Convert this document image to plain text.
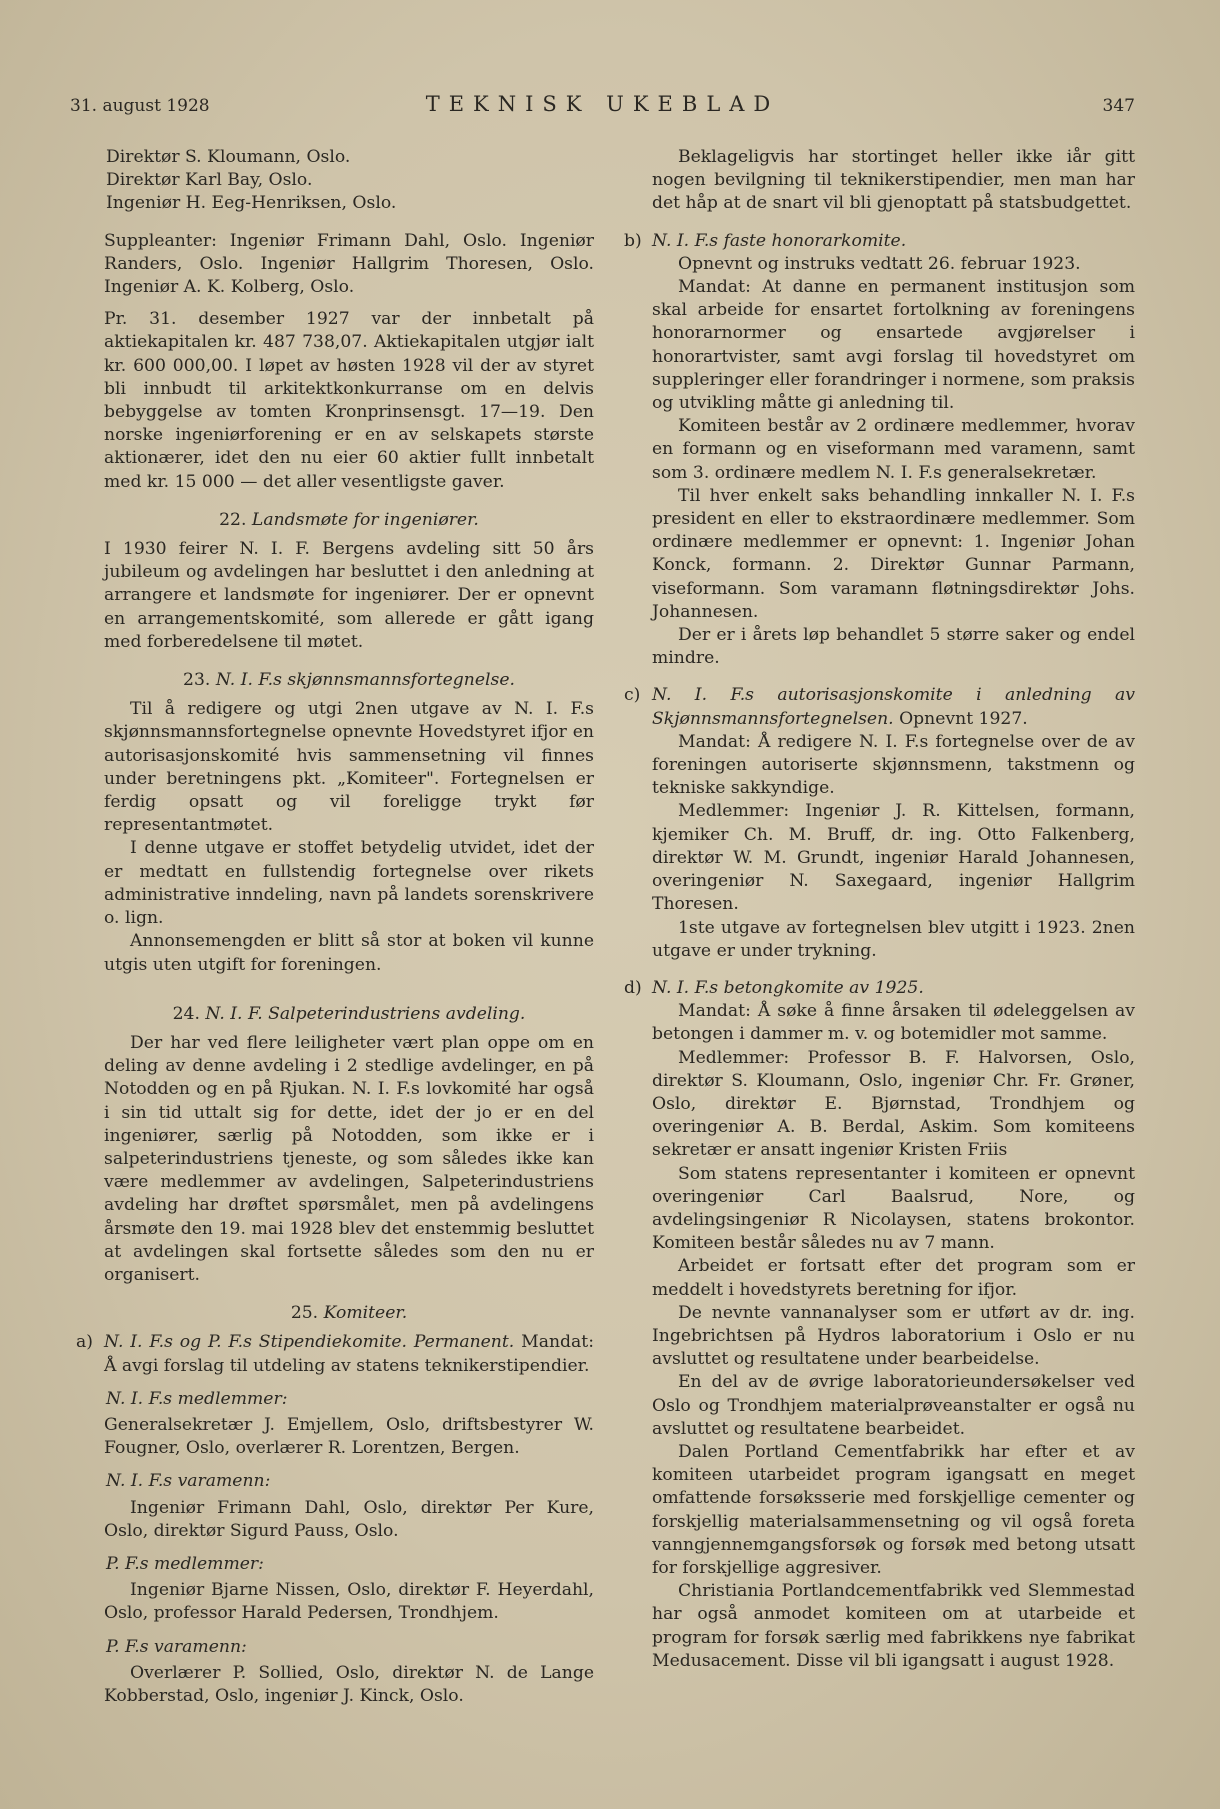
31. august 1928	TEKNISK UKEBLAD	347

Direktør S. Kloumann, Oslo.

Direktør Karl Bay, Oslo.

Ingeniør H. Eeg-Henriksen, Oslo.

Suppleanter: Ingeniør Frimann Dahl, Oslo. Ingeniør Randers, Oslo. Ingeniør Hallgrim Thoresen, Oslo. Ingeniør A. K. Kolberg, Oslo.

Pr. 31. desember 1927 var der innbetalt på aktiekapitalen kr. 487 738,07. Aktiekapitalen utgjør ialt kr. 600 000,00. I løpet av høsten 1928 vil der av styret bli innbudt til arkitektkonkurranse om en delvis bebyggelse av tomten Kronprinsensgt. 17—19. Den norske ingeniørforening er en av selskapets største aktionærer, idet den nu eier 60 aktier fullt innbetalt med kr. 15 000 — det aller vesentligste gaver.

22. Landsmøte for ingeniører.

I 1930 feirer N. I. F. Bergens avdeling sitt 50 års jubileum og avdelingen har besluttet i den anledning at arrangere et landsmøte for ingeniører. Der er opnevnt en arrangementskomité, som allerede er gått igang med forberedelsene til møtet.

23. N. I. F.s skjønnsmannsfortegnelse.

Til å redigere og utgi 2nen utgave av N. I. F.s skjønnsmannsfortegnelse opnevnte Hovedstyret ifjor en autorisasjonskomité hvis sammensetning vil finnes under beretningens pkt. „Komiteer". Fortegnelsen er ferdig opsatt og vil foreligge trykt før representantmøtet.

I denne utgave er stoffet betydelig utvidet, idet der er medtatt en fullstendig fortegnelse over rikets administrative inndeling, navn på landets sorenskrivere o. lign.

Annonsemengden er blitt så stor at boken vil kunne utgis uten utgift for foreningen.

24. N. I. F. Salpeterindustriens avdeling.

Der har ved flere leiligheter vært plan oppe om en deling av denne avdeling i 2 stedlige avdelinger, en på Notodden og en på Rjukan. N. I. F.s lovkomité har også i sin tid uttalt sig for dette, idet der jo er en del ingeniører, særlig på Notodden, som ikke er i salpeterindustriens tjeneste, og som således ikke kan være medlemmer av avdelingen, Salpeterindustriens avdeling har drøftet spørsmålet, men på avdelingens årsmøte den 19. mai 1928 blev det enstemmig besluttet at avdelingen skal fortsette således som den nu er organisert.

25. Komiteer.

a) N. I. F.s og P. F.s Stipendiekomite. Permanent. Mandat: Å avgi forslag til utdeling av statens teknikerstipendier.

N. I. F.s medlemmer:

Generalsekretær J. Emjellem, Oslo, driftsbestyrer W. Fougner, Oslo, overlærer R. Lorentzen, Bergen.

N. I. F.s varamenn:

Ingeniør Frimann Dahl, Oslo, direktør Per Kure, Oslo, direktør Sigurd Pauss, Oslo.

P. F.s medlemmer:

Ingeniør Bjarne Nissen, Oslo, direktør F. Heyerdahl, Oslo, professor Harald Pedersen, Trondhjem.

P. F.s varamenn:

Overlærer P. Sollied, Oslo, direktør N. de Lange Kobberstad, Oslo, ingeniør J. Kinck, Oslo.

Beklageligvis har stortinget heller ikke iår gitt nogen bevilgning til teknikerstipendier, men man har det håp at de snart vil bli gjenoptatt på statsbudgettet.

b) N. I. F.s faste honorarkomite.

Opnevnt og instruks vedtatt 26. februar 1923.

Mandat: At danne en permanent institusjon som skal arbeide for ensartet fortolkning av foreningens honorarnormer og ensartede avgjørelser i honorartvister, samt avgi forslag til hovedstyret om suppleringer eller forandringer i normene, som praksis og utvikling måtte gi anledning til.

Komiteen består av 2 ordinære medlemmer, hvorav en formann og en viseformann med varamenn, samt som 3. ordinære medlem N. I. F.s generalsekretær.

Til hver enkelt saks behandling innkaller N. I. F.s president en eller to ekstraordinære medlemmer. Som ordinære medlemmer er opnevnt: 1. Ingeniør Johan Konck, formann. 2. Direktør Gunnar Parmann, viseformann. Som varamann fløtningsdirektør Johs. Johannesen.

Der er i årets løp behandlet 5 større saker og endel mindre.

c) N. I. F.s autorisasjonskomite i anledning av Skjønnsmannsfortegnelsen. Opnevnt 1927.

Mandat: Å redigere N. I. F.s fortegnelse over de av foreningen autoriserte skjønnsmenn, takstmenn og tekniske sakkyndige.

Medlemmer: Ingeniør J. R. Kittelsen, formann, kjemiker Ch. M. Bruff, dr. ing. Otto Falkenberg, direktør W. M. Grundt, ingeniør Harald Johannesen, overingeniør N. Saxegaard, ingeniør Hallgrim Thoresen.

1ste utgave av fortegnelsen blev utgitt i 1923. 2nen utgave er under trykning.

d) N. I. F.s betongkomite av 1925.

Mandat: Å søke å finne årsaken til ødeleggelsen av betongen i dammer m. v. og botemidler mot samme.

Medlemmer: Professor B. F. Halvorsen, Oslo, direktør S. Kloumann, Oslo, ingeniør Chr. Fr. Grøner, Oslo, direktør E. Bjørnstad, Trondhjem og overingeniør A. B. Berdal, Askim. Som komiteens sekretær er ansatt ingeniør Kristen Friis

Som statens representanter i komiteen er opnevnt overingeniør Carl Baalsrud, Nore, og avdelingsingeniør R Nicolaysen, statens brokontor. Komiteen består således nu av 7 mann.

Arbeidet er fortsatt efter det program som er meddelt i hovedstyrets beretning for ifjor.

De nevnte vannanalyser som er utført av dr. ing. Ingebrichtsen på Hydros laboratorium i Oslo er nu avsluttet og resultatene under bearbeidelse.

En del av de øvrige laboratorieundersøkelser ved Oslo og Trondhjem materialprøveanstalter er også nu avsluttet og resultatene bearbeidet.

Dalen Portland Cementfabrikk har efter et av komiteen utarbeidet program igangsatt en meget omfattende forsøksserie med forskjellige cementer og forskjellig materialsammensetning og vil også foreta vanngjennemgangsforsøk og forsøk med betong utsatt for forskjellige aggresiver.

Christiania Portlandcementfabrikk ved Slemmestad har også anmodet komiteen om at utarbeide et program for forsøk særlig med fabrikkens nye fabrikat Medusacement. Disse vil bli igangsatt i august 1928.
